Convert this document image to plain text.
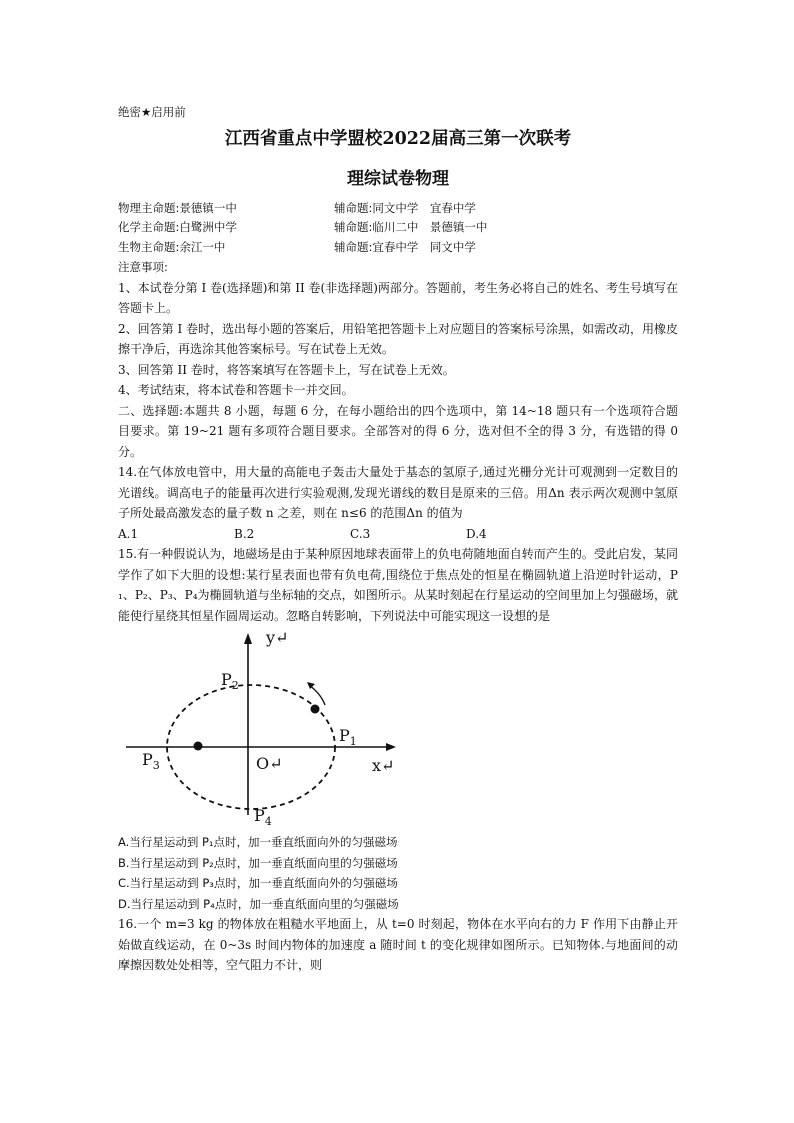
绝密★启用前
江西省重点中学盟校2022届高三第一次联考
理综试卷物理
物理主命题:景德镇一中	辅命题:同文中学　宜春中学
化学主命题:白鹭洲中学	辅命题:临川二中　景德镇一中
生物主命题:余江一中	辅命题:宜春中学　同文中学
注意事项:
1、本试卷分第 I 卷(选择题)和第 II 卷(非选择题)两部分。答题前，考生务必将自己的姓名、考生号填写在答题卡上。
2、回答第 I 卷时，选出每小题的答案后，用铅笔把答题卡上对应题目的答案标号涂黑，如需改动，用橡皮擦干净后，再选涂其他答案标号。写在试卷上无效。
3、回答第 II 卷时，将答案填写在答题卡上，写在试卷上无效。
4、考试结束，将本试卷和答题卡一并交回。
二、选择题:本题共 8 小题，每题 6 分，在每小题给出的四个选项中，第 14~18 题只有一个选项符合题目要求。第 19~21 题有多项符合题目要求。全部答对的得 6 分，选对但不全的得 3 分，有选错的得 0 分。
14.在气体放电管中，用大量的高能电子轰击大量处于基态的氢原子,通过光栅分光计可观测到一定数目的光谱线。调高电子的能量再次进行实验观测,发现光谱线的数目是原来的三倍。用Δn 表示两次观测中氢原子所处最高激发态的量子数 n 之差，则在 n≤6 的范围Δn 的值为
A.1	B.2	C.3	D.4
15.有一种假说认为，地磁场是由于某种原因地球表面带上的负电荷随地面自转而产生的。受此启发，某同学作了如下大胆的设想:某行星表面也带有负电荷,围绕位于焦点处的恒星在椭圆轨道上沿逆时针运动，P₁、P₂、P₃、P₄为椭圆轨道与坐标轴的交点，如图所示。从某时刻起在行星运动的空间里加上匀强磁场，就能使行星绕其恒星作圆周运动。忽略自转影响，下列说法中可能实现这一设想的是
y↵
x↵
O↵
$P_2$
$P_1$
$P_3$
$P_4$
A.当行星运动到 P₁点时，加一垂直纸面向外的匀强磁场
B.当行星运动到 P₂点时，加一垂直纸面向里的匀强磁场
C.当行星运动到 P₃点时，加一垂直纸面向外的匀强磁场
D.当行星运动到 P₄点时，加一垂直纸面向里的匀强磁场
16.一个 m=3 kg 的物体放在粗糙水平地面上，从 t=0 时刻起，物体在水平向右的力 F 作用下由静止开始做直线运动，在 0~3s 时间内物体的加速度 a 随时间 t 的变化规律如图所示。已知物体.与地面间的动摩擦因数处处相等，空气阻力不计，则
